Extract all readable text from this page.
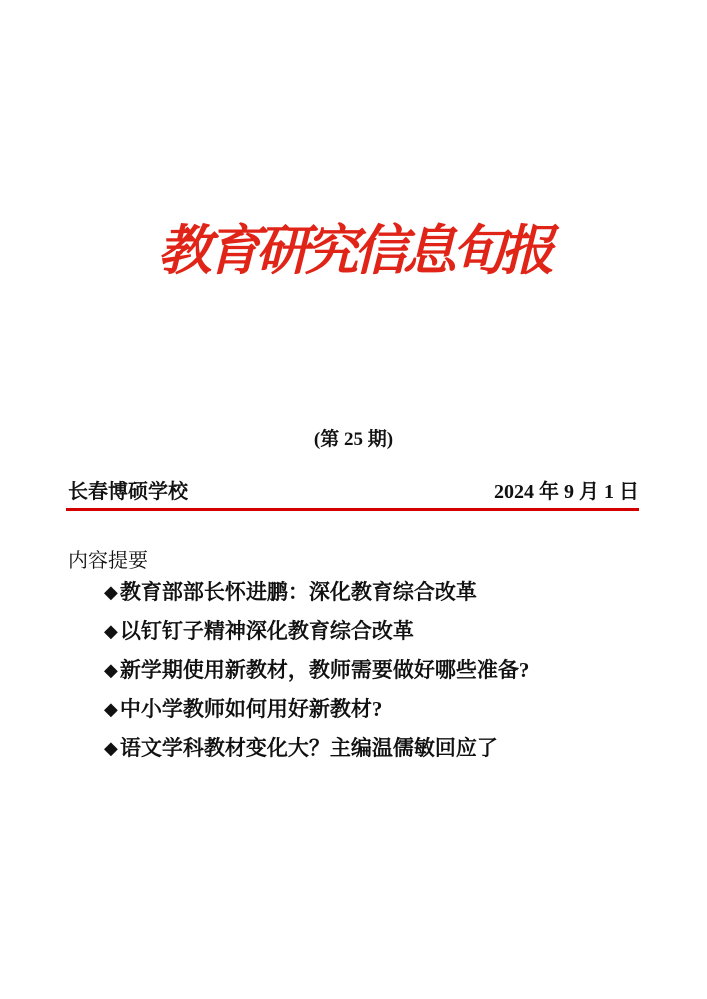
教育研究信息旬报
(第 25 期)
长春博硕学校	2024 年 9 月 1 日
内容提要
◆教育部部长怀进鹏：深化教育综合改革
◆以钉钉子精神深化教育综合改革
◆新学期使用新教材，教师需要做好哪些准备?
◆中小学教师如何用好新教材?
◆语文学科教材变化大？主编温儒敏回应了
